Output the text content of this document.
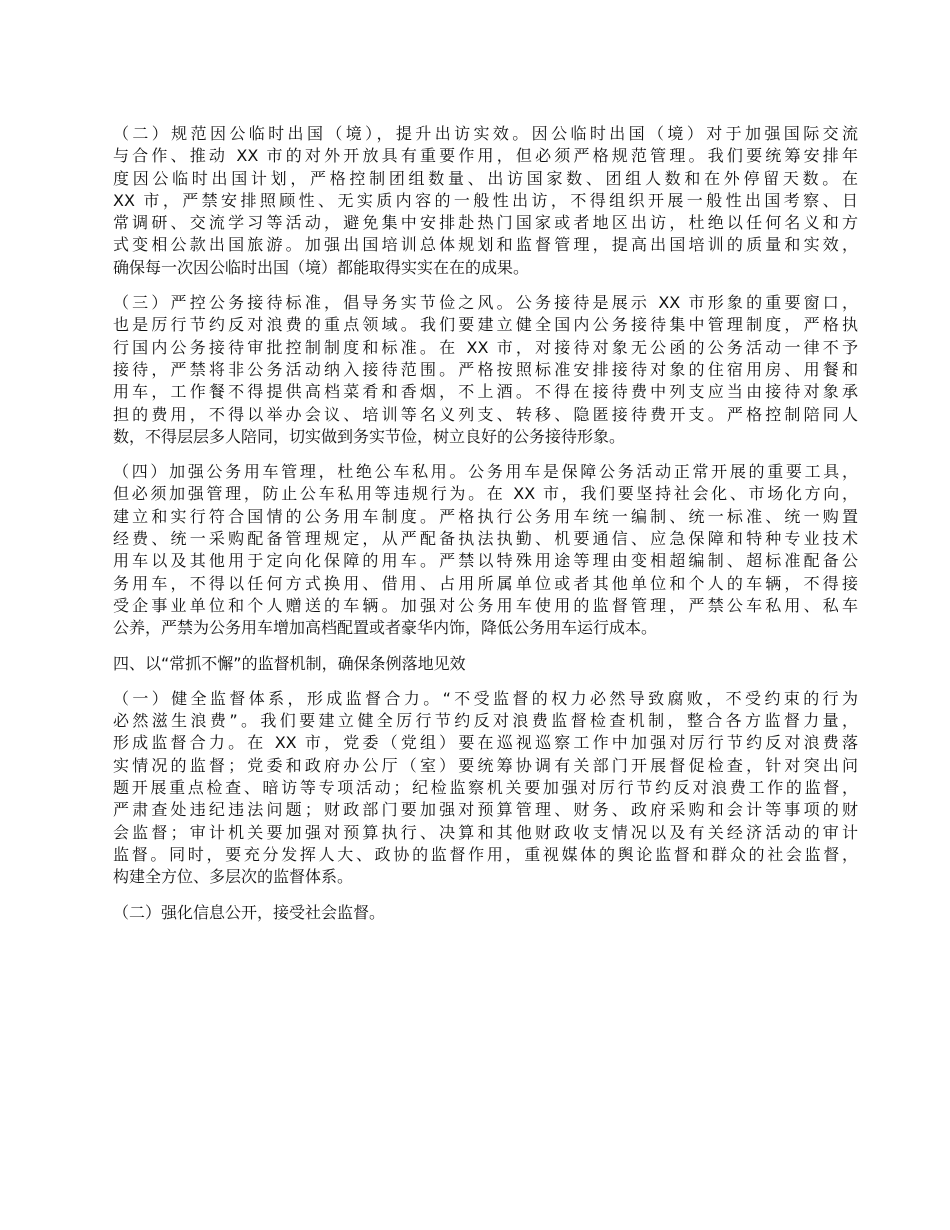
（二）规范因公临时出国（境），提升出访实效。因公临时出国（境）对于加强国际交流
与合作、推动 XX 市的对外开放具有重要作用，但必须严格规范管理。我们要统筹安排年
度因公临时出国计划，严格控制团组数量、出访国家数、团组人数和在外停留天数。在
XX 市，严禁安排照顾性、无实质内容的一般性出访，不得组织开展一般性出国考察、日
常调研、交流学习等活动，避免集中安排赴热门国家或者地区出访，杜绝以任何名义和方
式变相公款出国旅游。加强出国培训总体规划和监督管理，提高出国培训的质量和实效，
确保每一次因公临时出国（境）都能取得实实在在的成果。
（三）严控公务接待标准，倡导务实节俭之风。公务接待是展示 XX 市形象的重要窗口，
也是厉行节约反对浪费的重点领域。我们要建立健全国内公务接待集中管理制度，严格执
行国内公务接待审批控制制度和标准。在 XX 市，对接待对象无公函的公务活动一律不予
接待，严禁将非公务活动纳入接待范围。严格按照标准安排接待对象的住宿用房、用餐和
用车，工作餐不得提供高档菜肴和香烟，不上酒。不得在接待费中列支应当由接待对象承
担的费用，不得以举办会议、培训等名义列支、转移、隐匿接待费开支。严格控制陪同人
数，不得层层多人陪同，切实做到务实节俭，树立良好的公务接待形象。
（四）加强公务用车管理，杜绝公车私用。公务用车是保障公务活动正常开展的重要工具，
但必须加强管理，防止公车私用等违规行为。在 XX 市，我们要坚持社会化、市场化方向，
建立和实行符合国情的公务用车制度。严格执行公务用车统一编制、统一标准、统一购置
经费、统一采购配备管理规定，从严配备执法执勤、机要通信、应急保障和特种专业技术
用车以及其他用于定向化保障的用车。严禁以特殊用途等理由变相超编制、超标准配备公
务用车，不得以任何方式换用、借用、占用所属单位或者其他单位和个人的车辆，不得接
受企事业单位和个人赠送的车辆。加强对公务用车使用的监督管理，严禁公车私用、私车
公养，严禁为公务用车增加高档配置或者豪华内饰，降低公务用车运行成本。
四、以“常抓不懈”的监督机制，确保条例落地见效
（一）健全监督体系，形成监督合力。“不受监督的权力必然导致腐败，不受约束的行为
必然滋生浪费”。我们要建立健全厉行节约反对浪费监督检查机制，整合各方监督力量，
形成监督合力。在 XX 市，党委（党组）要在巡视巡察工作中加强对厉行节约反对浪费落
实情况的监督；党委和政府办公厅（室）要统筹协调有关部门开展督促检查，针对突出问
题开展重点检查、暗访等专项活动；纪检监察机关要加强对厉行节约反对浪费工作的监督，
严肃查处违纪违法问题；财政部门要加强对预算管理、财务、政府采购和会计等事项的财
会监督；审计机关要加强对预算执行、决算和其他财政收支情况以及有关经济活动的审计
监督。同时，要充分发挥人大、政协的监督作用，重视媒体的舆论监督和群众的社会监督，
构建全方位、多层次的监督体系。
（二）强化信息公开，接受社会监督。
